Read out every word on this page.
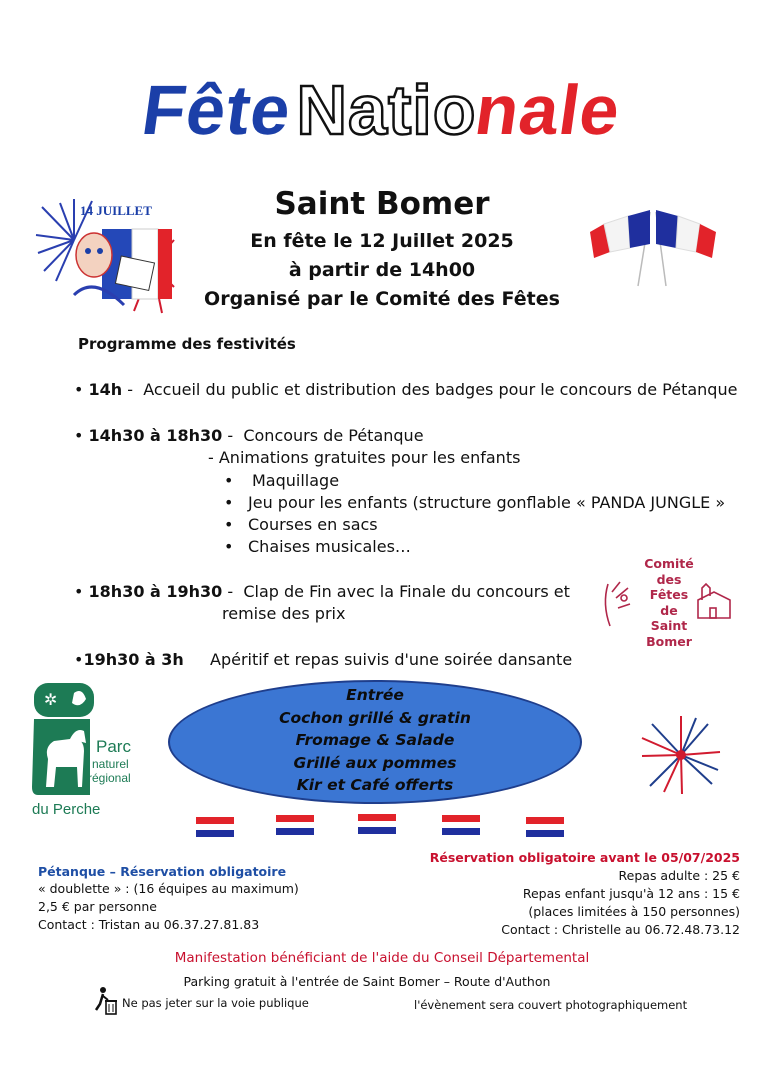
Fête Nationale
14 JUILLET	Saint Bomer
En fête le 12 Juillet 2025
à partir de 14h00
Organisé par le Comité des Fêtes
Programme des festivités
• 14h -  Accueil du public et distribution des badges pour le concours de Pétanque
• 14h30 à 18h30 -  Concours de Pétanque
- Animations gratuites pour les enfants
• Maquillage
• Jeu pour les enfants (structure gonflable « PANDA JUNGLE »
• Courses en sacs
• Chaises musicales…
• 18h30 à 19h30 -  Clap de Fin avec la Finale du concours et
remise des prix
•19h30 à 3h Apéritif et repas suivis d'une soirée dansante
Comité
des
Fêtes
de
Saint
Bomer
✲
Parc
naturel
régional
du Perche
Entrée
Cochon grillé & gratin
Fromage & Salade
Grillé aux pommes
Kir et Café offerts
Pétanque – Réservation obligatoire
« doublette » : (16 équipes au maximum)
2,5 € par personne
Contact : Tristan au 06.37.27.81.83
Réservation obligatoire avant le 05/07/2025
Repas adulte : 25 €
Repas enfant jusqu'à 12 ans : 15 €
(places limitées à 150 personnes)
Contact : Christelle au 06.72.48.73.12
Manifestation bénéficiant de l'aide du Conseil Départemental
Parking gratuit à l'entrée de Saint Bomer – Route d'Authon
Ne pas jeter sur la voie publique	l'évènement sera couvert photographiquement
